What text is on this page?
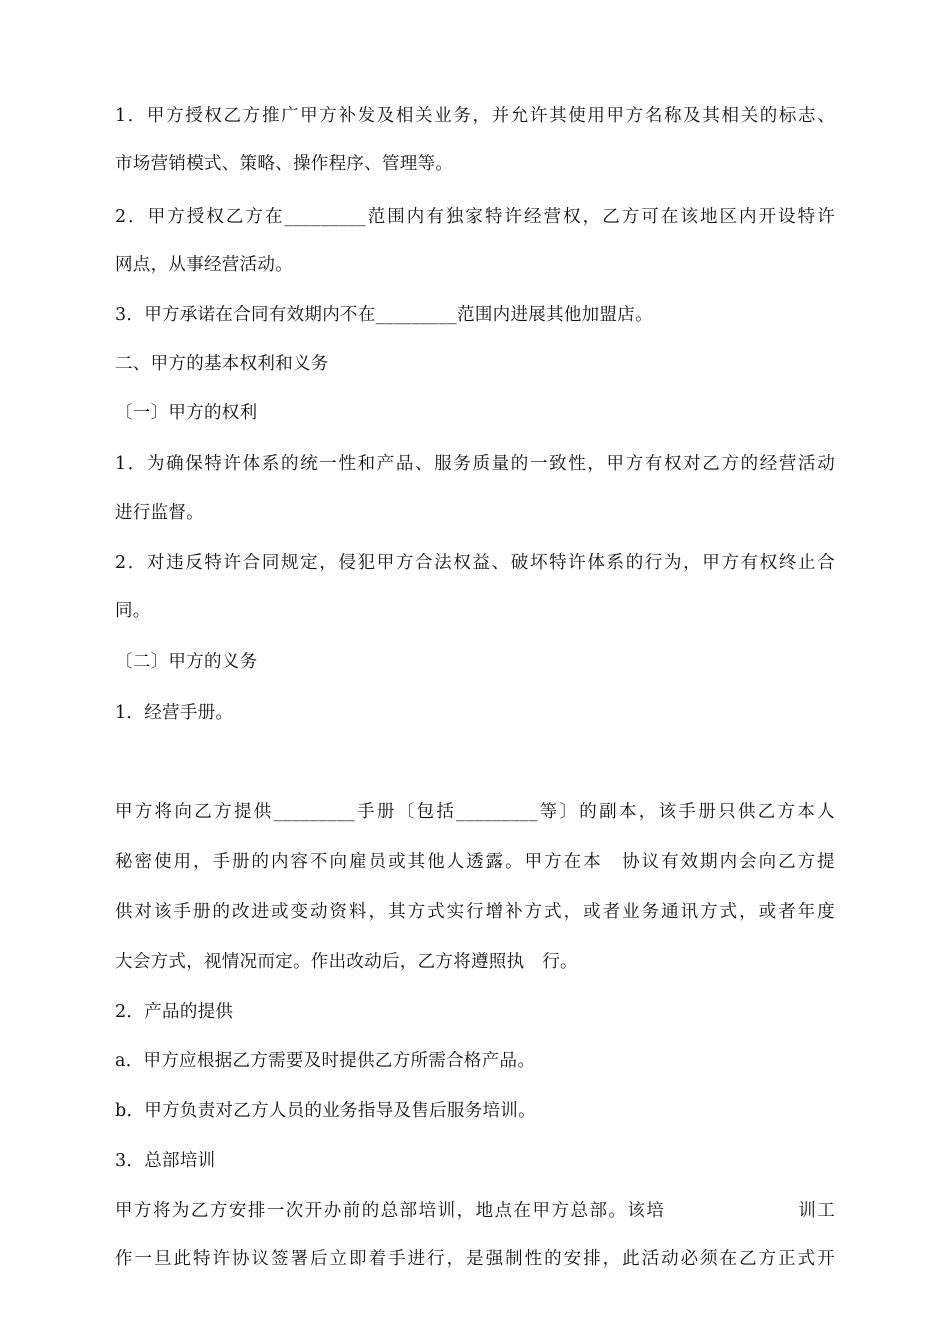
1．甲方授权乙方推广甲方补发及相关业务，并允许其使用甲方名称及其相关的标志、
市场营销模式、策略、操作程序、管理等。
2．甲方授权乙方在_________范围内有独家特许经营权，乙方可在该地区内开设特许
网点，从事经营活动。
3．甲方承诺在合同有效期内不在_________范围内进展其他加盟店。
二、甲方的基本权利和义务
〔一〕甲方的权利
1．为确保特许体系的统一性和产品、服务质量的一致性，甲方有权对乙方的经营活动
进行监督。
2．对违反特许合同规定，侵犯甲方合法权益、破坏特许体系的行为，甲方有权终止合
同。
〔二〕甲方的义务
1．经营手册。
甲方将向乙方提供_________手册〔包括_________等〕的副本，该手册只供乙方本人
秘密使用，手册的内容不向雇员或其他人透露。甲方在本　协议有效期内会向乙方提
供对该手册的改进或变动资料，其方式实行增补方式，或者业务通讯方式，或者年度
大会方式，视情况而定。作出改动后，乙方将遵照执　行。
2．产品的提供
a．甲方应根据乙方需要及时提供乙方所需合格产品。
b．甲方负责对乙方人员的业务指导及售后服务培训。
3．总部培训
甲方将为乙方安排一次开办前的总部培训，地点在甲方总部。该培　　　　　　　训工
作一旦此特许协议签署后立即着手进行，是强制性的安排，此活动必须在乙方正式开
